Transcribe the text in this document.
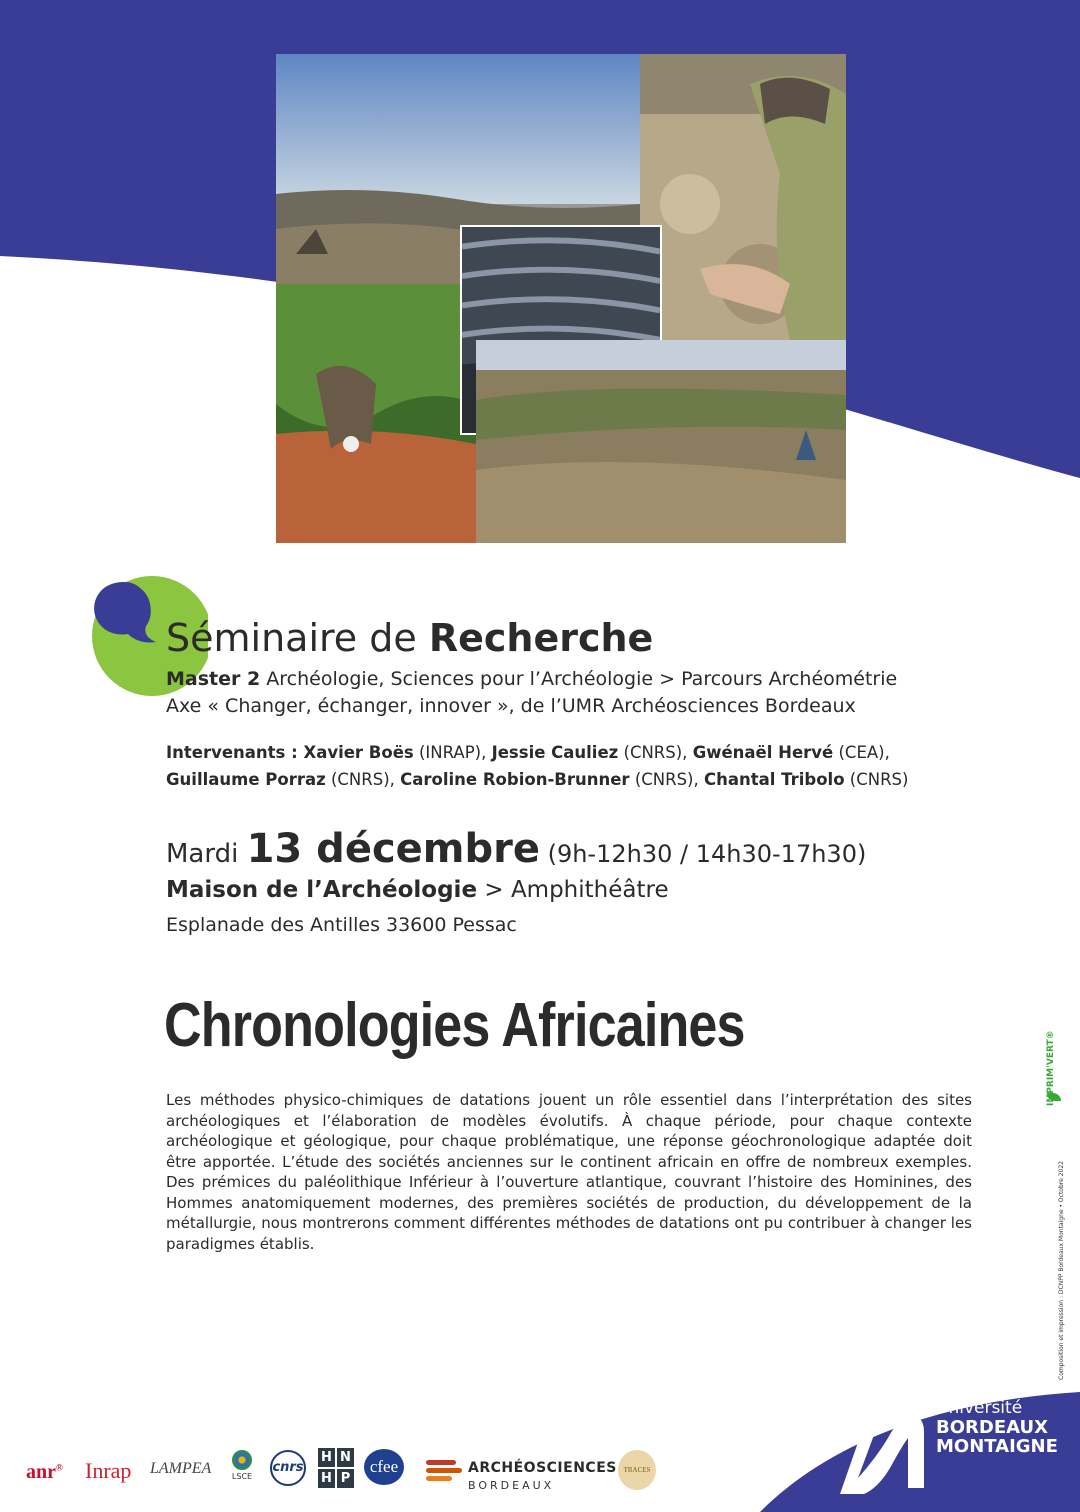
Séminaire de Recherche
Master 2 Archéologie, Sciences pour l’Archéologie > Parcours Archéométrie
Axe « Changer, échanger, innover », de l’UMR Archéosciences Bordeaux
Intervenants : Xavier Boës (INRAP), Jessie Cauliez (CNRS), Gwénaël Hervé (CEA),
Guillaume Porraz (CNRS), Caroline Robion-Brunner (CNRS), Chantal Tribolo (CNRS)
Mardi 13 décembre (9h-12h30 / 14h30-17h30)
Maison de l’Archéologie > Amphithéâtre
Esplanade des Antilles 33600 Pessac
Chronologies Africaines

Les méthodes physico-chimiques de datations jouent un rôle essentiel dans l’interprétation des sites archéologiques et l’élaboration de modèles évolutifs. À chaque période, pour chaque contexte archéologique et géologique, pour chaque problématique, une réponse géochronologique adaptée doit être apportée. L’étude des sociétés anciennes sur le continent africain en offre de nombreux exemples. Des prémices du paléolithique Inférieur à l’ouverture atlantique, couvrant l’histoire des Hominines, des Hommes anatomiquement modernes, des premières sociétés de production, du développement de la métallurgie, nous montrerons comment différentes méthodes de datations ont pu contribuer à changer les paradigmes établis.

IMPRIM'VERT®
Composition et impression : DCNPP Bordeaux Montaigne • Octobre 2022
anr® Inrap LAMPEA	LSCE
cnrs
H N
H P
cfee	ARCHÉOSCIENCES
BORDEAUX
TRACES
Université
BORDEAUX
MONTAIGNE
